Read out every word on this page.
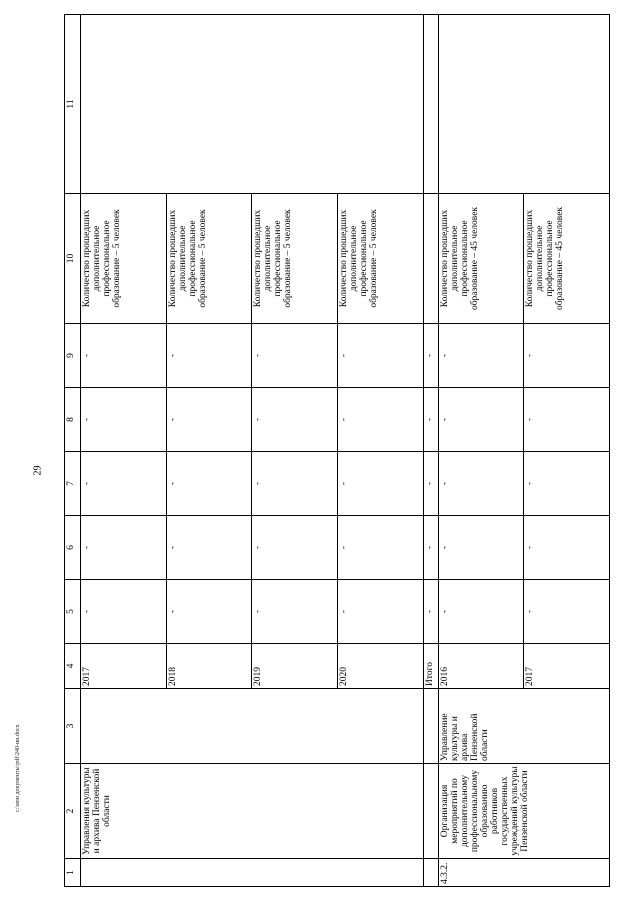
29
1	2	3	4	5	6	7	8	9	10	11
	Управления культуры и архива Пензенской области		2017	-	-	-	-	-	Количество прошедших дополнительное профессиональное образование – 5 человек	
			2018	-	-	-	-	-	Количество прошедших дополнительное профессиональное образование – 5 человек	
			2019	-	-	-	-	-	Количество прошедших дополнительное профессиональное образование – 5 человек	
			2020	-	-	-	-	-	Количество прошедших дополнительное профессиональное образование – 5 человек	
			Итого	-	-	-	-	-		
4.3.2.	Организация мероприятий по дополнительному профессиональному образованию работников государственных учреждений культуры Пензенской области	Управление культуры и архива Пензенской области	2016	-	-	-	-	-	Количество прошедших дополнительное профессиональное образование – 45 человек	
			2017	-	-	-	-	-	Количество прошедших дополнительное профессиональное образование – 45 человек	
c:\мои документы\pdf\240-ин.docx
